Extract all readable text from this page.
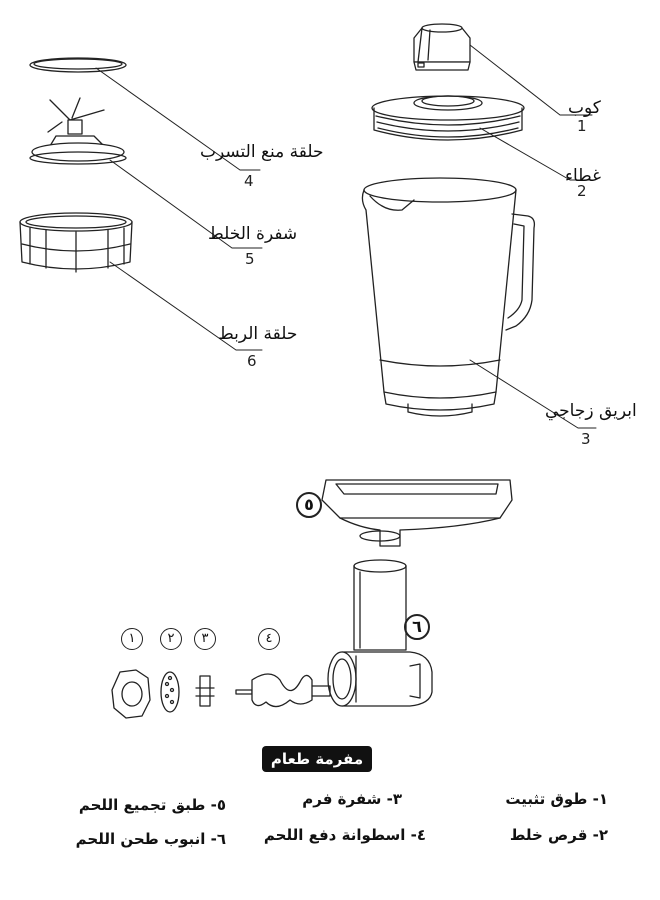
كوب
1
غطاء
2
ابريق زجاجي
3
حلقة منع التسرب
4
شفرة الخلط
5
حلقة الربط
6
١	٢	٣	٤
٥
٦
مفرمة طعام
١- طوق تثبيت
٢- قرص خلط
٣- شفرة فرم
٤- اسطوانة دفع اللحم
٥- طبق تجميع اللحم
٦- انبوب طحن اللحم
